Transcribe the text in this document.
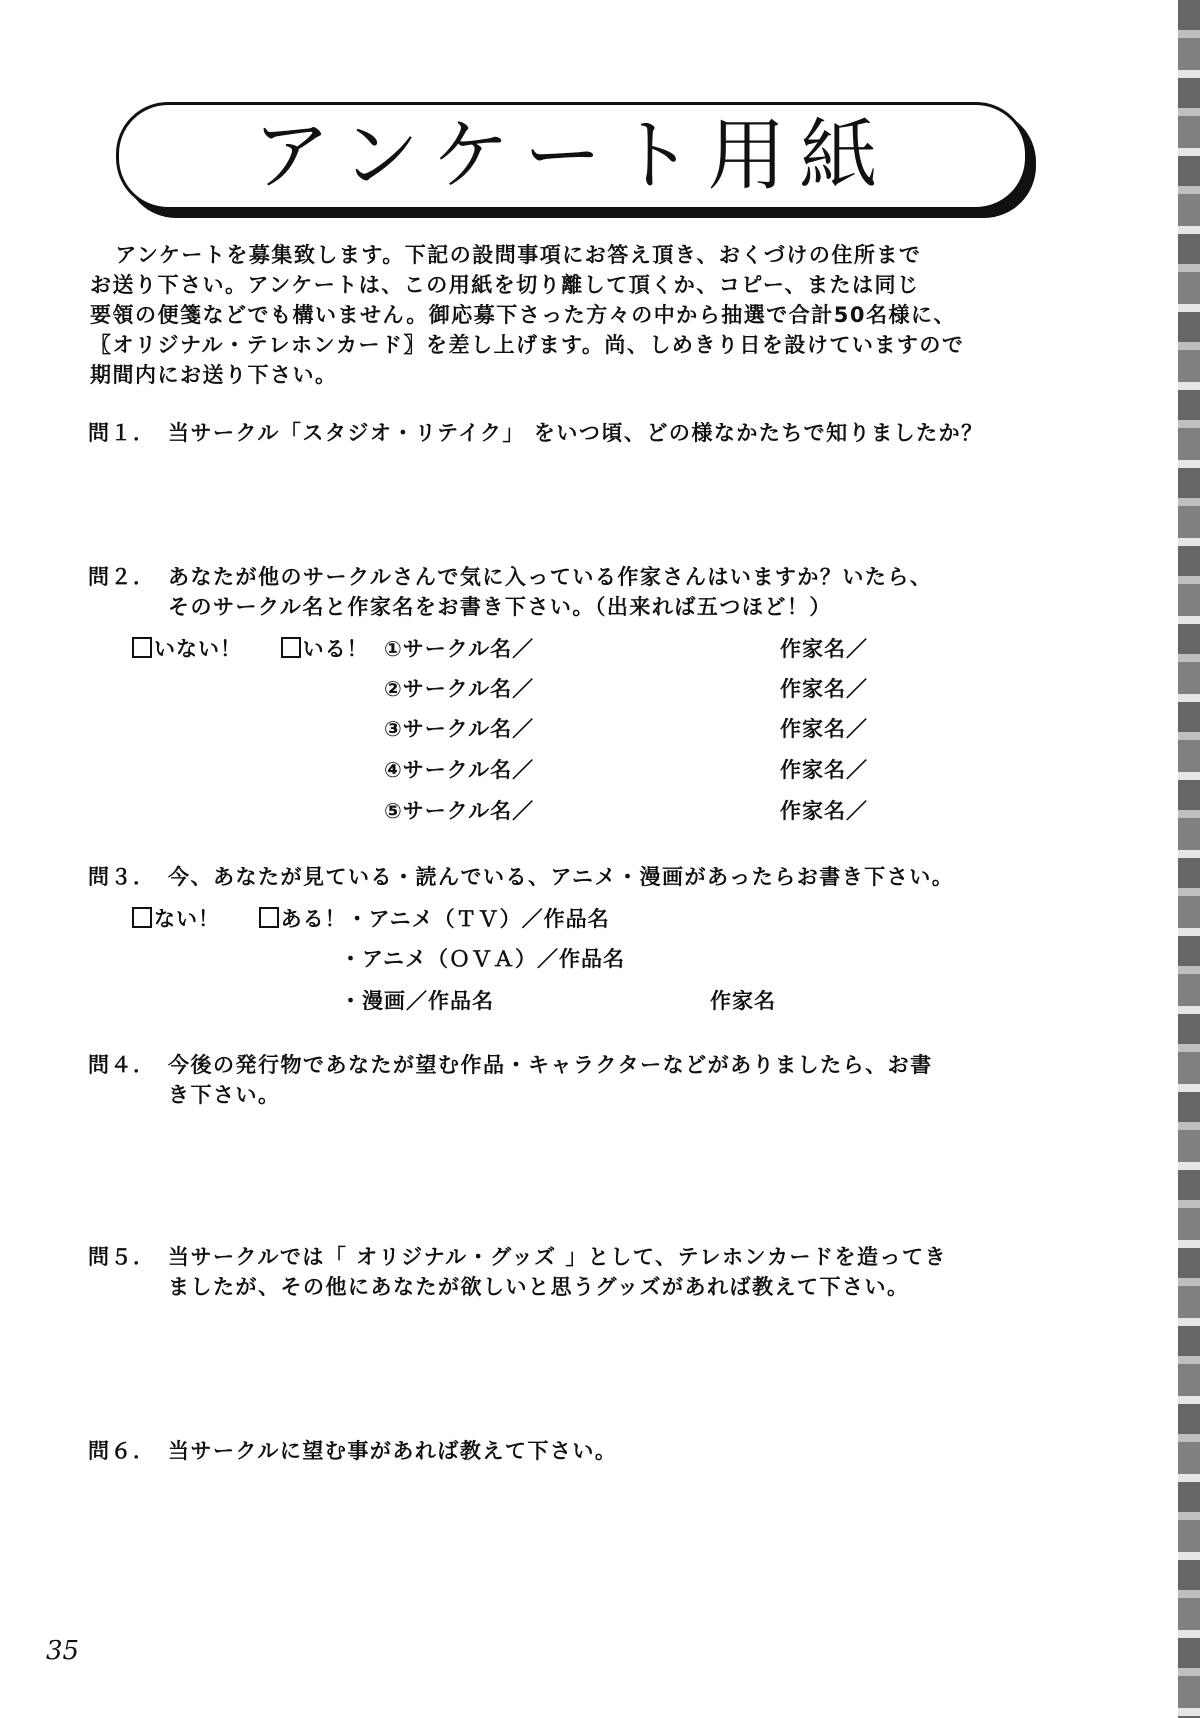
アンケート用紙
アンケートを募集致します。下記の設問事項にお答え頂き、おくづけの住所まで
お送り下さい。アンケートは、この用紙を切り離して頂くか、コピー、または同じ
要領の便箋などでも構いません。御応募下さった方々の中から抽選で合計50名様に、
〖オリジナル・テレホンカード〗を差し上げます。尚、しめきり日を設けていますので
期間内にお送り下さい。
問１． 当サークル「スタジオ・リテイク」 をいつ頃、どの様なかたちで知りましたか？
問２． あなたが他のサークルさんで気に入っている作家さんはいますか？いたら、
そのサークル名と作家名をお書き下さい。（出来れば五つほど！）
いない！	いる！ ①サークル名／	作家名／
②サークル名／	作家名／
③サークル名／	作家名／
④サークル名／	作家名／
⑤サークル名／	作家名／
問３． 今、あなたが見ている・読んでいる、アニメ・漫画があったらお書き下さい。
ない！	ある！・アニメ（ＴＶ）／作品名
・アニメ（ＯＶＡ）／作品名
・漫画／作品名	作家名
問４． 今後の発行物であなたが望む作品・キャラクターなどがありましたら、お書
き下さい。
問５． 当サークルでは「 オリジナル・グッズ 」として、テレホンカードを造ってき
ましたが、その他にあなたが欲しいと思うグッズがあれば教えて下さい。
問６． 当サークルに望む事があれば教えて下さい。
35
